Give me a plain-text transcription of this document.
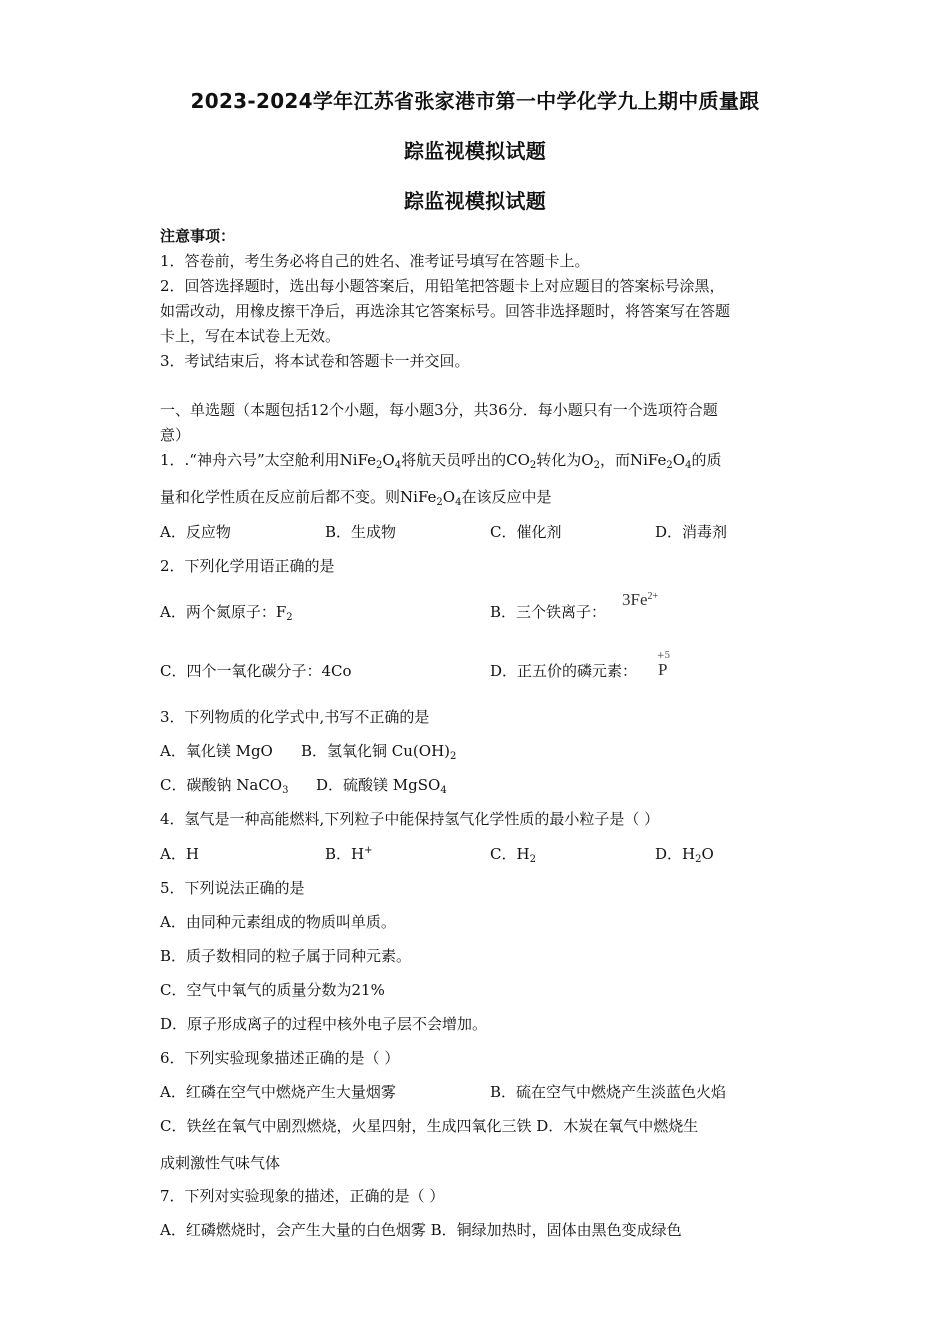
2023-2024学年江苏省张家港市第一中学化学九上期中质量跟
踪监视模拟试题
踪监视模拟试题
注意事项：
1．答卷前，考生务必将自己的姓名、准考证号填写在答题卡上。
2．回答选择题时，选出每小题答案后，用铅笔把答题卡上对应题目的答案标号涂黑，
如需改动，用橡皮擦干净后，再选涂其它答案标号。回答非选择题时，将答案写在答题
卡上，写在本试卷上无效。
3．考试结束后，将本试卷和答题卡一并交回。
一、单选题（本题包括12个小题，每小题3分，共36分．每小题只有一个选项符合题
意）
1．.“神舟六号”太空舱利用$NiFe_2O_4$将航天员呼出的$CO_2$转化为$O_2$，而$NiFe_2O_4$的质
量和化学性质在反应前后都不变。则$NiFe_2O_4$在该反应中是
A．反应物	B．生成物	C．催化剂	D．消毒剂
2．下列化学用语正确的是
A．两个氮原子：$F_2$	B．三个铁离子：
$3Fe^{2+}$
C．四个一氧化碳分子：4Co	D．正五价的磷元素：
+5
P
3．下列物质的化学式中,书写不正确的是
A．氧化镁 MgO B．氢氧化铜 $Cu(OH)_2$
C．碳酸钠 NaCO$_3$ D．硫酸镁 MgSO$_4$
4．氢气是一种高能燃料,下列粒子中能保持氢气化学性质的最小粒子是（ ）
A．H	B．H+	C．$H_2$	D．$H_2O$
5．下列说法正确的是
A．由同种元素组成的物质叫单质。
B．质子数相同的粒子属于同种元素。
C．空气中氧气的质量分数为21%
D．原子形成离子的过程中核外电子层不会增加。
6．下列实验现象描述正确的是（ ）
A．红磷在空气中燃烧产生大量烟雾	B．硫在空气中燃烧产生淡蓝色火焰
C．铁丝在氧气中剧烈燃烧，火星四射，生成四氧化三铁 D．木炭在氧气中燃烧生
成刺激性气味气体
7．下列对实验现象的描述，正确的是（ ）
A．红磷燃烧时，会产生大量的白色烟雾 B．铜绿加热时，固体由黑色变成绿色
